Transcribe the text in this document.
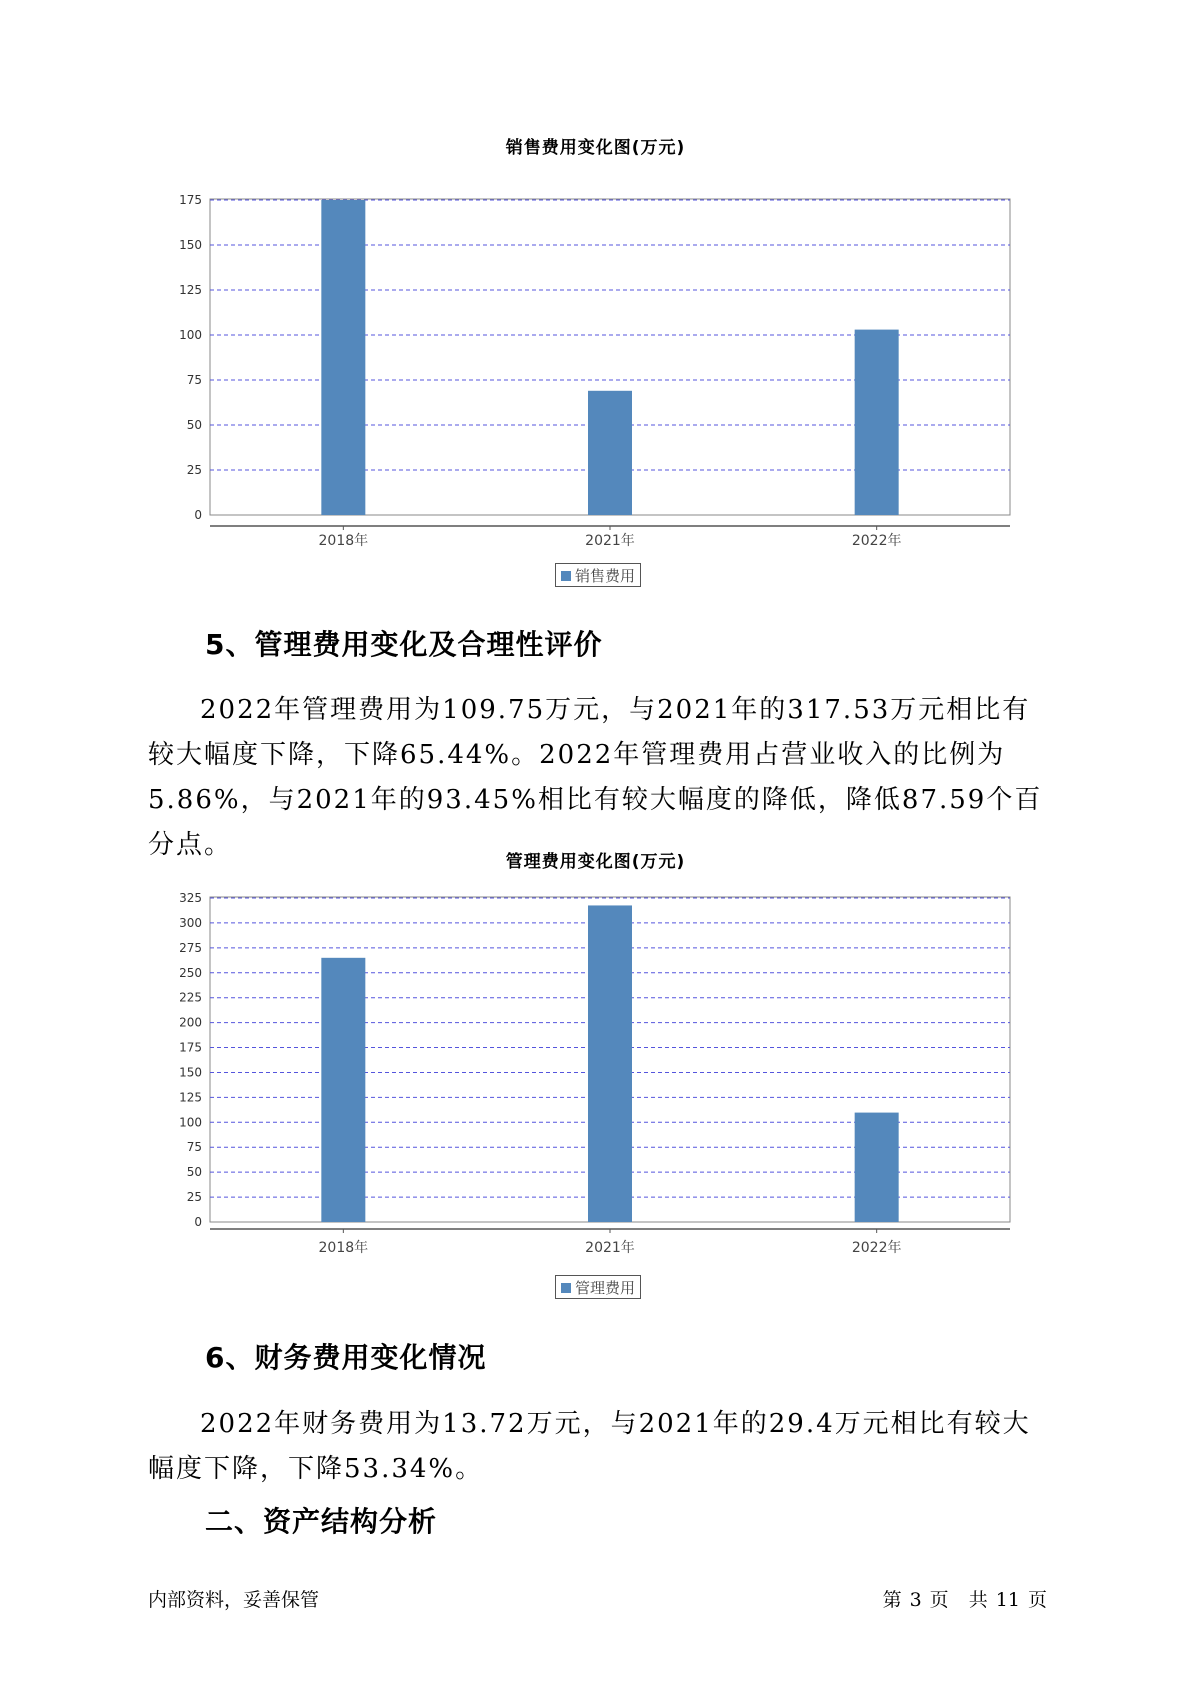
销售费用变化图(万元)
0
25
50
75
100
125
150
175
2018年	2021年	2022年
销售费用
5、管理费用变化及合理性评价

2022年管理费用为109.75万元，与2021年的317.53万元相比有较大幅度下降，下降65.44%。2022年管理费用占营业收入的比例为5.86%，与2021年的93.45%相比有较大幅度的降低，降低87.59个百分点。

管理费用变化图(万元)
0
25
50
75
100
125
150
175
200
225
250
275
300
325
2018年	2021年	2022年
管理费用
6、财务费用变化情况

2022年财务费用为13.72万元，与2021年的29.4万元相比有较大幅度下降，下降53.34%。

二、资产结构分析
内部资料，妥善保管	第 3 页 共 11 页
